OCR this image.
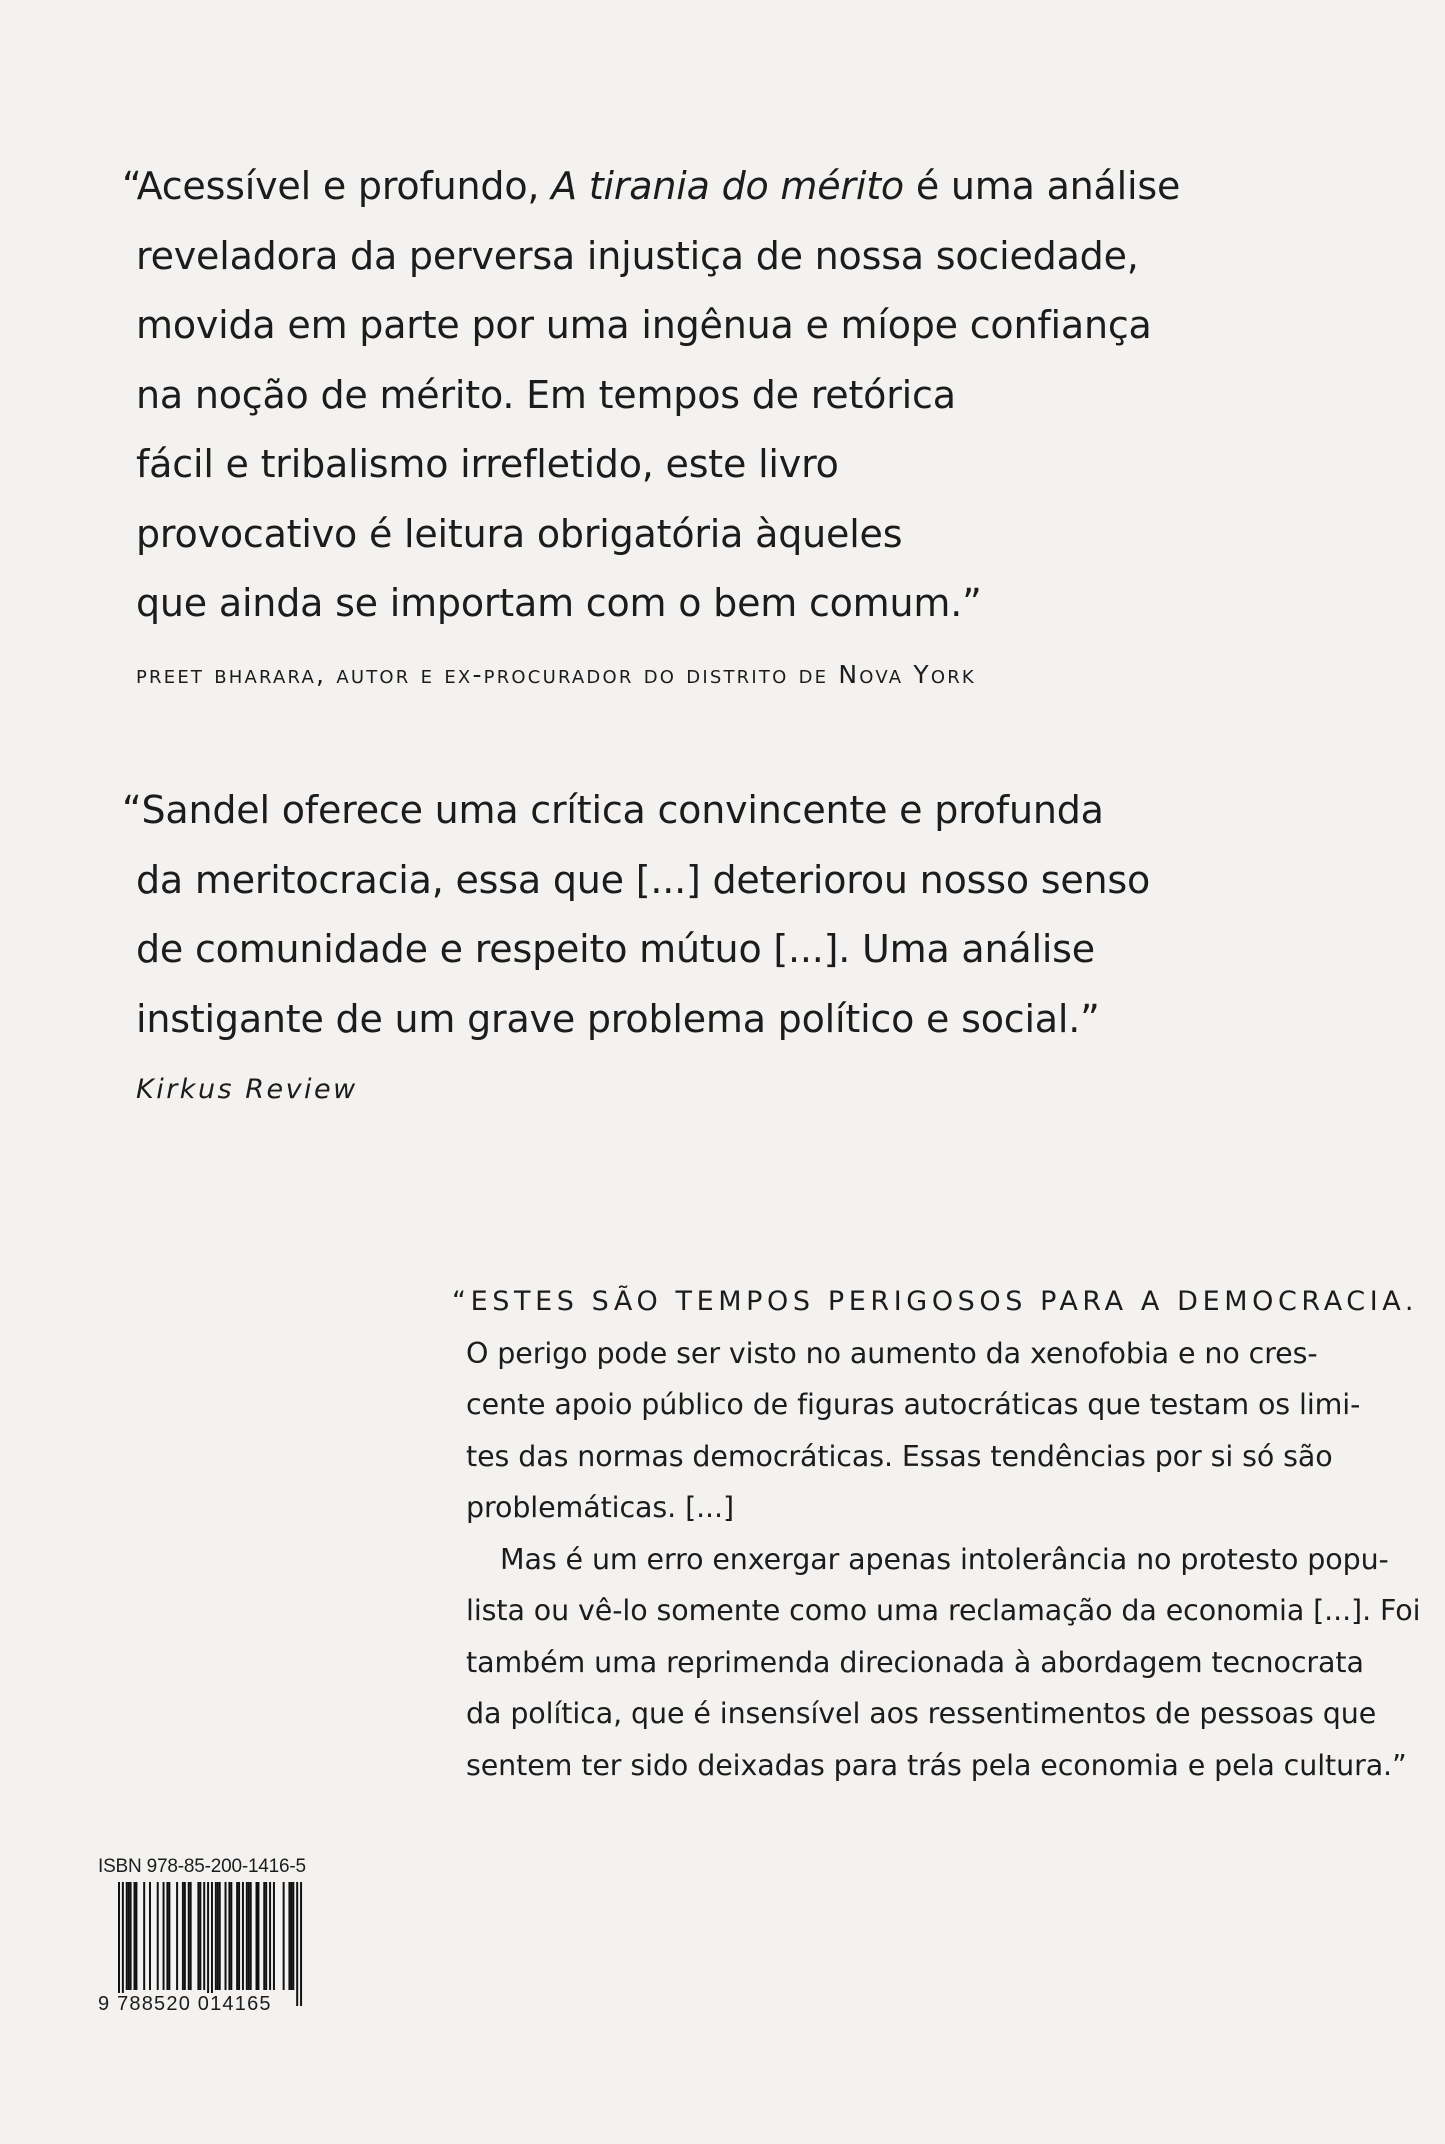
“Acessível e profundo, A tirania do mérito é uma análise
reveladora da perversa injustiça de nossa sociedade,
movida em parte por uma ingênua e míope confiança
na noção de mérito. Em tempos de retórica
fácil e tribalismo irrefletido, este livro
provocativo é leitura obrigatória àqueles
que ainda se importam com o bem comum.”
preet bharara, autor e ex-procurador do distrito de Nova York
“Sandel oferece uma crítica convincente e profunda
da meritocracia, essa que [...] deteriorou nosso senso
de comunidade e respeito mútuo [...]. Uma análise
instigante de um grave problema político e social.”
Kirkus Review
“ESTES SÃO TEMPOS PERIGOSOS PARA A DEMOCRACIA.
O perigo pode ser visto no aumento da xenofobia e no cres-
cente apoio público de figuras autocráticas que testam os limi-
tes das normas democráticas. Essas tendências por si só são
problemáticas. [...]
Mas é um erro enxergar apenas intolerância no protesto popu-
lista ou vê-lo somente como uma reclamação da economia [...]. Foi
também uma reprimenda direcionada à abordagem tecnocrata
da política, que é insensível aos ressentimentos de pessoas que
sentem ter sido deixadas para trás pela economia e pela cultura.”
ISBN 978-85-200-1416-5
9 788520 014165
